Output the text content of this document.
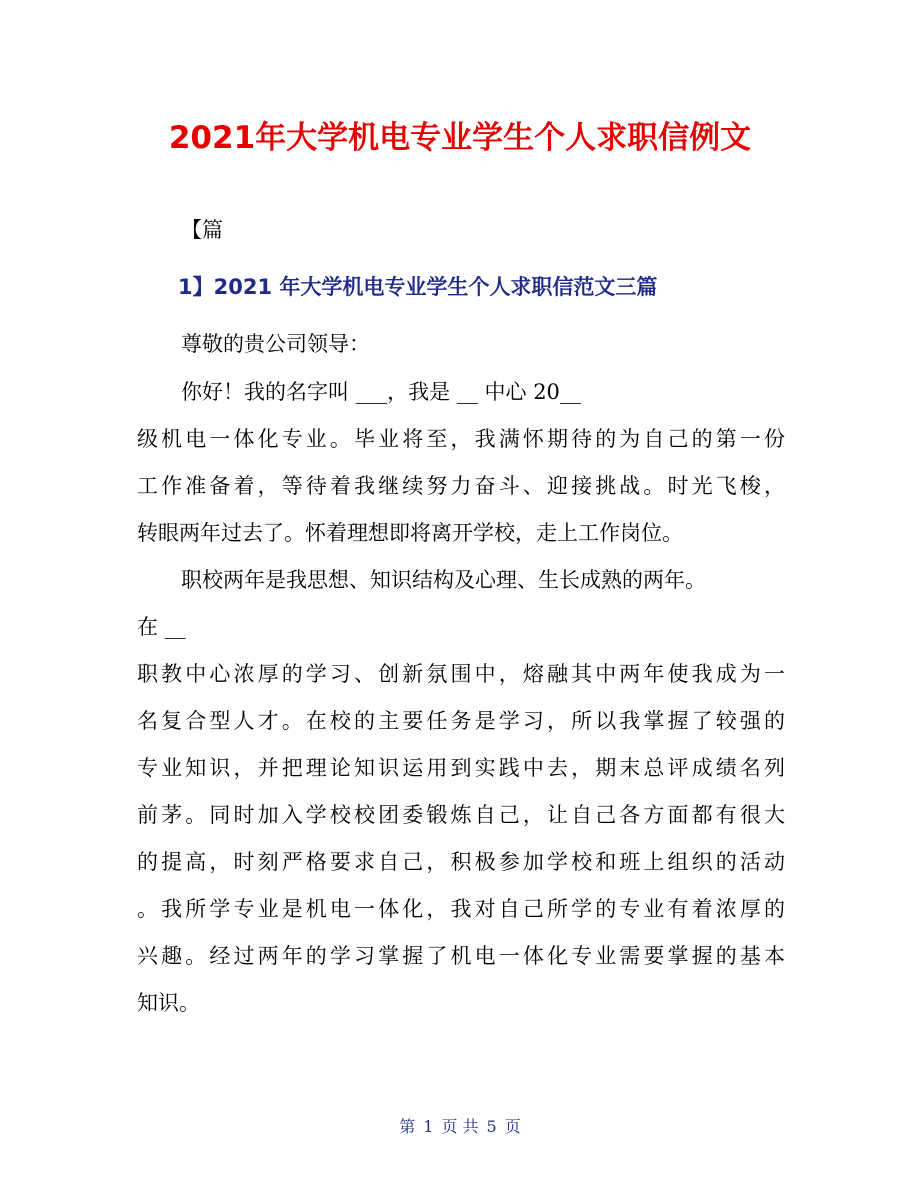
2021年大学机电专业学生个人求职信例文
【篇
1】2021 年大学机电专业学生个人求职信范文三篇
尊敬的贵公司领导：
你好！我的名字叫 ___，我是 __ 中心 20__
级机电一体化专业。毕业将至，我满怀期待的为自己的第一份
工作准备着，等待着我继续努力奋斗、迎接挑战。时光飞梭，
转眼两年过去了。怀着理想即将离开学校，走上工作岗位。
职校两年是我思想、知识结构及心理、生长成熟的两年。
在 __
职教中心浓厚的学习、创新氛围中，熔融其中两年使我成为一
名复合型人才。在校的主要任务是学习，所以我掌握了较强的
专业知识，并把理论知识运用到实践中去，期末总评成绩名列
前茅。同时加入学校校团委锻炼自己，让自己各方面都有很大
的提高，时刻严格要求自己，积极参加学校和班上组织的活动
。我所学专业是机电一体化，我对自己所学的专业有着浓厚的
兴趣。经过两年的学习掌握了机电一体化专业需要掌握的基本
知识。
第 1 页 共 5 页
